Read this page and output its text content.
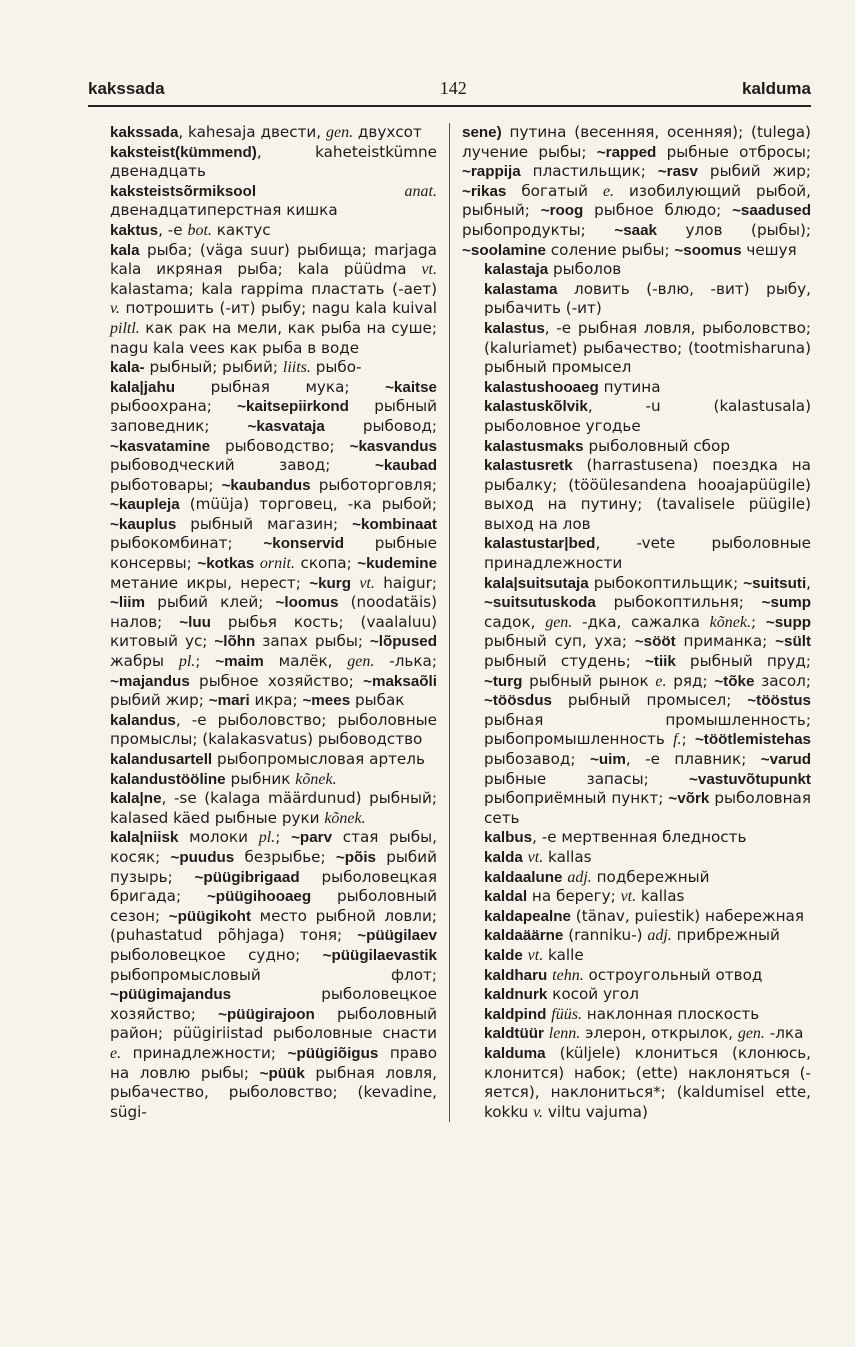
kakssada	142	kalduma

kakssada, kahesaja двести, gen. двухсот

kaksteist(kümmend), kaheteistkümne двенадцать

kaksteistsõrmiksool	anat. двенадцатиперстная кишка

kaktus, -e bot. кактус

kala рыба; (väga suur) рыбища; marjaga kala икряная рыба; kala püüdma vt. kalastama; kala rappima пластать (-ает) v. потрошить (-ит) рыбу; nagu kala kuival piltl. как рак на мели, как рыба на суше; nagu kala vees как рыба в воде

kala- рыбный; рыбий; liits. рыбо-

kala|jahu рыбная мука; ~kaitse рыбоохрана; ~kaitsepiirkond рыбный заповедник; ~kasvataja рыбовод; ~kasvatamine рыбоводство; ~kasvandus рыбоводческий завод; ~kaubad рыботовары; ~kaubandus рыботорговля; ~kaupleja (müüja) торговец, -ка рыбой; ~kauplus рыбный магазин; ~kombinaat рыбокомбинат; ~konservid рыбные консервы; ~kotkas ornit. скопа; ~kudemine метание икры, нерест; ~kurg vt. haigur; ~liim рыбий клей; ~loomus (noodatäis) налов; ~luu рыбья кость; (vaalaluu) китовый ус; ~lõhn запах рыбы; ~lõpused жабры pl.; ~maim малёк, gen. -лька; ~majandus рыбное хозяйство; ~maksaõli рыбий жир; ~mari икра; ~mees рыбак

kalandus, -e рыболовство; рыболовные промыслы; (kalakasvatus) рыбоводство

kalandusartell рыбопромысловая артель

kalandustööline рыбник kõnek.

kala|ne, -se (kalaga määrdunud) рыбный; kalased käed рыбные руки kõnek.

kala|niisk молоки pl.; ~parv стая рыбы, косяк; ~puudus безрыбье; ~põis рыбий пузырь; ~püügibrigaad рыболовецкая бригада; ~püügihooaeg рыболовный сезон; ~püügikoht место рыбной ловли; (puhastatud põhjaga) тоня; ~püügilaev рыболовецкое судно; ~püügilaevastik рыбопромысловый флот; ~püügimajandus рыболовецкое хозяйство; ~püügirajoon рыболовный район; püügiriistad рыболовные снасти e. принадлежности; ~püügiõigus право на ловлю рыбы; ~püük рыбная ловля, рыбачество, рыболовство; (kevadine, sügi-

sene) путина (весенняя, осенняя); (tulega) лучение рыбы; ~rapped рыбные отбросы; ~rappija пластильщик; ~rasv рыбий жир; ~rikas богатый e. изобилующий рыбой, рыбный; ~roog рыбное блюдо; ~saadused рыбопродукты; ~saak улов (рыбы); ~soolamine соление рыбы; ~soomus чешуя

kalastaja рыболов

kalastama ловить (-влю, -вит) рыбу, рыбачить (-ит)

kalastus, -e рыбная ловля, рыболовство; (kaluriamet) рыбачество; (tootmisharuna) рыбный промысел

kalastushooaeg путина

kalastuskõlvik, -u (kalastusala) рыболовное угодье

kalastusmaks рыболовный сбор

kalastusretk (harrastusena) поездка на рыбалку; (tööülesandena hooajapüügile) выход на путину; (tavalisele püügile) выход на лов

kalastustar|bed, -vete рыболовные принадлежности

kala|suitsutaja рыбокоптильщик; ~suitsuti, ~suitsutuskoda рыбокоптильня; ~sump садок, gen. -дка, сажалка kõnek.; ~supp рыбный суп, уха; ~sööt приманка; ~sült рыбный студень; ~tiik рыбный пруд; ~turg рыбный рынок e. ряд; ~tõke засол; ~töösdus рыбный промысел; ~tööstus рыбная промышленность; рыбопромышленность f.; ~töötlemistehas рыбозавод; ~uim, -e плавник; ~varud рыбные запасы; ~vastuvõtupunkt рыбоприёмный пункт; ~võrk рыболовная сеть

kalbus, -e мертвенная бледность

kalda vt. kallas

kaldaalune adj. подбережный

kaldal на берегу; vt. kallas

kaldapealne (tänav, puiestik) набережная

kaldaäärne (ranniku-) adj. прибрежный

kalde vt. kalle

kaldharu tehn. остроугольный отвод

kaldnurk косой угол

kaldpind füüs. наклонная плоскость

kaldtüür lenn. элерон, открылок, gen. -лка

kalduma (küljele) клониться (клонюсь, клонится) набок; (ette) наклоняться (-яется), наклониться*; (kaldumisel ette, kokku v. viltu vajuma)
